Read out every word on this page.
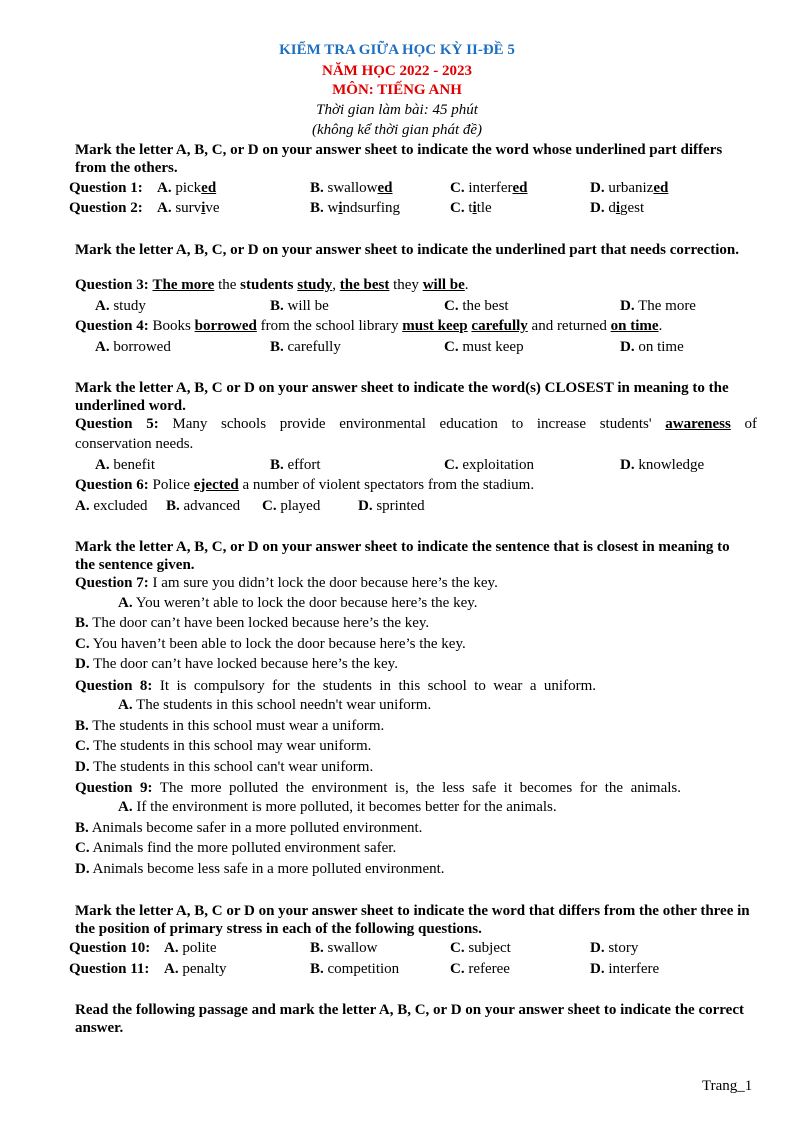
KIỂM TRA GIỮA HỌC KỲ II-ĐỀ 5
NĂM HỌC 2022 - 2023
MÔN: TIẾNG ANH
Thời gian làm bài: 45 phút
(không kể thời gian phát đề)
Mark the letter A, B, C, or D on your answer sheet to indicate the word whose underlined part differs from the others.
Question 1: A. picked	B. swallowed	C. interfered	D. urbanized
Question 2: A. survive	B. windsurfing	C. title	D. digest
Mark the letter A, B, C, or D on your answer sheet to indicate the underlined part that needs correction.
Question 3: The more the students study, the best they will be.
A. study	B. will be	C. the best	D. The more
Question 4: Books borrowed from the school library must keep carefully and returned on time.
A. borrowed	B. carefully	C. must keep	D. on time
Mark the letter A, B, C or D on your answer sheet to indicate the word(s) CLOSEST in meaning to the underlined word.
Question 5: Many schools provide environmental education to increase students' awareness of
conservation needs.
A. benefit	B. effort	C. exploitation	D. knowledge
Question 6: Police ejected a number of violent spectators from the stadium.
A. excluded B. advanced C. played	D. sprinted
Mark the letter A, B, C, or D on your answer sheet to indicate the sentence that is closest in meaning to the sentence given.
Question 7: I am sure you didn’t lock the door because here’s the key.
A. You weren’t able to lock the door because here’s the key.
B. The door can’t have been locked because here’s the key.
C. You haven’t been able to lock the door because here’s the key.
D. The door can’t have locked because here’s the key.
Question 8: It is compulsory for the students in this school to wear a uniform.
A. The students in this school needn't wear uniform.
B. The students in this school must wear a uniform.
C. The students in this school may wear uniform.
D. The students in this school can't wear uniform.
Question 9: The more polluted the environment is, the less safe it becomes for the animals.
A. If the environment is more polluted, it becomes better for the animals.
B. Animals become safer in a more polluted environment.
C. Animals find the more polluted environment safer.
D. Animals become less safe in a more polluted environment.
Mark the letter A, B, C or D on your answer sheet to indicate the word that differs from the other three in the position of primary stress in each of the following questions.
Question 10: A. polite	B. swallow	C. subject	D. story
Question 11: A. penalty	B. competition	C. referee	D. interfere
Read the following passage and mark the letter A, B, C, or D on your answer sheet to indicate the correct answer.
Trang_1
